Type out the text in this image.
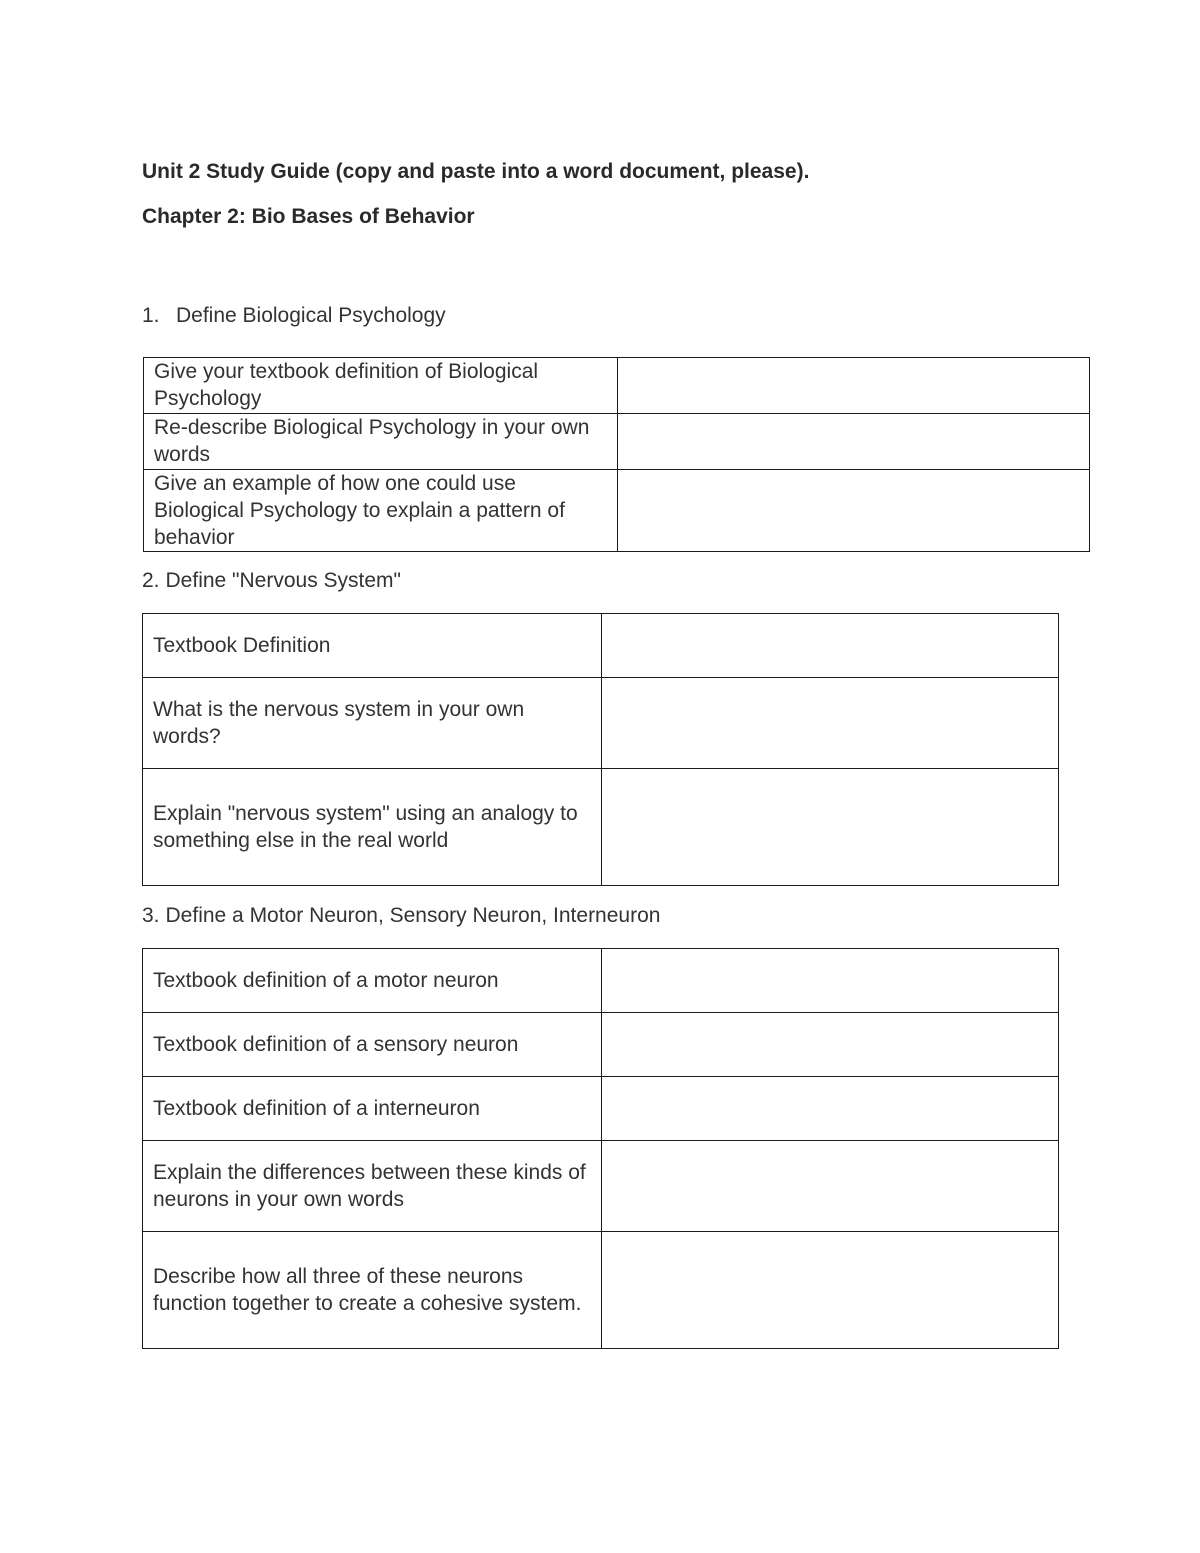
Unit 2 Study Guide (copy and paste into a word document, please).
Chapter 2: Bio Bases of Behavior
1. Define Biological Psychology
Give your textbook definition of Biological Psychology	
Re-describe Biological Psychology in your own words	
Give an example of how one could use Biological Psychology to explain a pattern of behavior	
2. Define "Nervous System"
Textbook Definition	
What is the nervous system in your own words?	
Explain "nervous system" using an analogy to something else in the real world	
3. Define a Motor Neuron, Sensory Neuron, Interneuron
Textbook definition of a motor neuron	
Textbook definition of a sensory neuron	
Textbook definition of a interneuron	
Explain the differences between these kinds of neurons in your own words	
Describe how all three of these neurons function together to create a cohesive system.	
